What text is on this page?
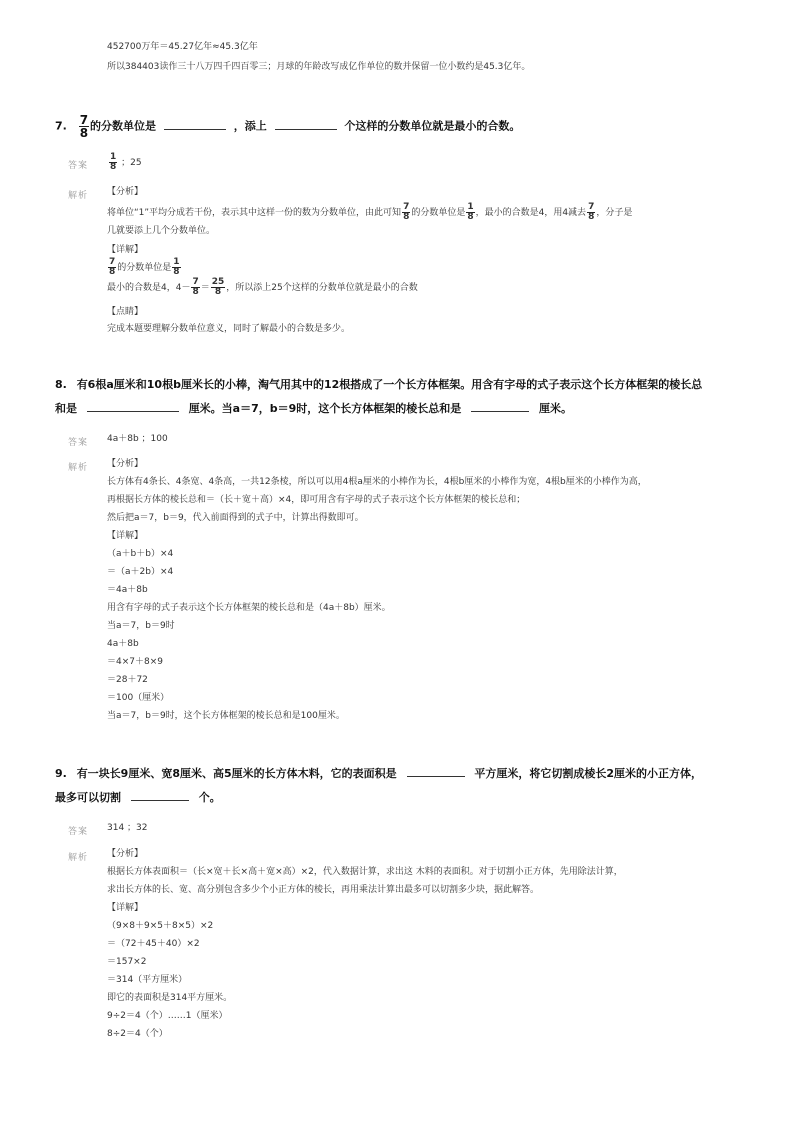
452700万年＝45.27亿年≈45.3亿年
所以384403读作三十八万四千四百零三；月球的年龄改写成亿作单位的数并保留一位小数约是45.3亿年。
7. $\frac{7}{8}$ 的分数单位是	，添上	个这样的分数单位就是最小的合数。
答案 $\frac{1}{8}$ ；25
解析 【分析】
将单位“1”平均分成若干份，表示其中这样一份的数为分数单位，由此可知 $\frac{7}{8}$ 的分数单位是 $\frac{1}{8}$ ，最小的合数是4，用4减去 $\frac{7}{8}$ ，分子是
几就要添上几个分数单位。
【详解】
$\frac{7}{8}$ 的分数单位是 $\frac{1}{8}$
最小的合数是4，$4- \frac{7}{8} = \frac{25}{8}$ ，所以添上25个这样的分数单位就是最小的合数
【点睛】
完成本题要理解分数单位意义，同时了解最小的合数是多少。
8. 有6根a厘米和10根b厘米长的小棒，淘气用其中的12根搭成了一个长方体框架。用含有字母的式子表示这个长方体框架的棱长总
和是	厘米。当a＝7，b＝9时，这个长方体框架的棱长总和是	厘米。
答案 4a＋8b ；100
解析 【分析】
长方体有4条长、4条宽、4条高，一共12条棱，所以可以用4根a厘米的小棒作为长，4根b厘米的小棒作为宽，4根b厘米的小棒作为高，
再根据长方体的棱长总和＝（长＋宽＋高）×4，即可用含有字母的式子表示这个长方体框架的棱长总和；
然后把a＝7，b＝9，代入前面得到的式子中，计算出得数即可。
【详解】
（a＋b＋b）×4
＝（a＋2b）×4
＝4a＋8b
用含有字母的式子表示这个长方体框架的棱长总和是（4a＋8b）厘米。
当a＝7，b＝9时
4a＋8b
＝4×7＋8×9
＝28＋72
＝100（厘米）
当a＝7，b＝9时，这个长方体框架的棱长总和是100厘米。
9. 有一块长9厘米、宽8厘米、高5厘米的长方体木料，它的表面积是	平方厘米，将它切割成棱长2厘米的小正方体，
最多可以切割	个。
答案 314 ；32
解析 【分析】
根据长方体表面积＝（长×宽＋长×高＋宽×高）×2，代入数据计算，求出这 木料的表面积。对于切割小正方体，先用除法计算，
求出长方体的长、宽、高分别包含多少个小正方体的棱长，再用乘法计算出最多可以切割多少块，据此解答。
【详解】
（9×8＋9×5＋8×5）×2
＝（72＋45＋40）×2
＝157×2
＝314（平方厘米）
即它的表面积是314平方厘米。
9÷2＝4（个）……1（厘米）
8÷2＝4（个）
